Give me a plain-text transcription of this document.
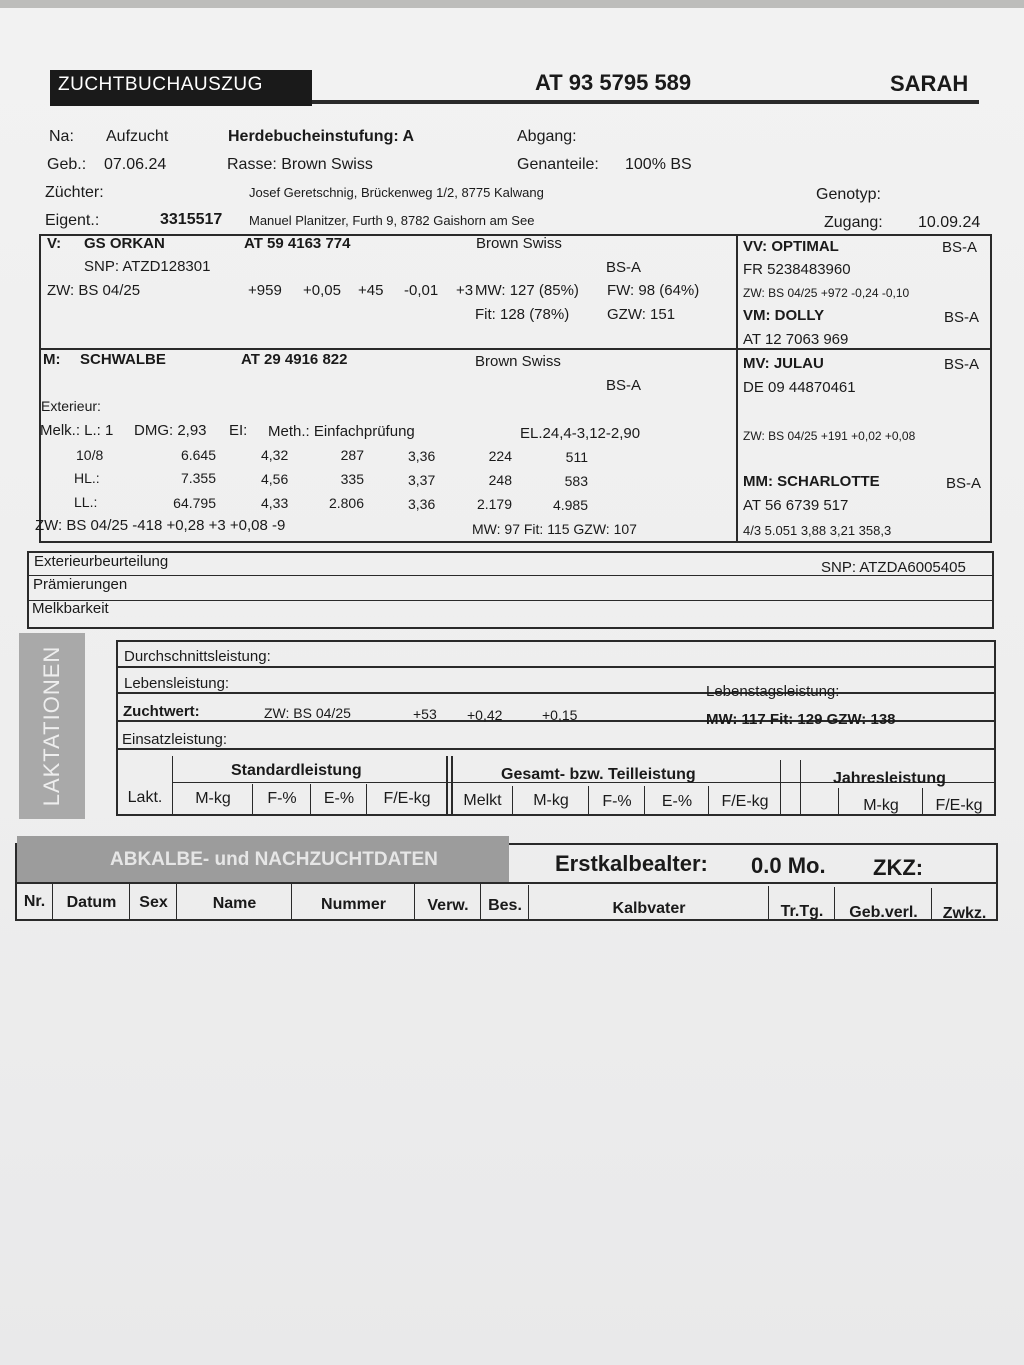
ZUCHTBUCHAUSZUG	AT 93 5795 589	SARAH
Na: Aufzucht	Herdebucheinstufung: A	Abgang:
Geb.: 07.06.24	Rasse: Brown Swiss	Genanteile: 100% BS
Züchter:	Josef Geretschnig, Brückenweg 1/2, 8775 Kalwang	Genotyp:
Eigent.:	3315517 Manuel Planitzer, Furth 9, 8782 Gaishorn am See	Zugang: 10.09.24
V: GS ORKAN	AT 59 4163 774	Brown Swiss
SNP: ATZD128301	BS-A
ZW: BS 04/25	+959 +0,05 +45 -0,01 +3 MW: 127 (85%) FW: 98 (64%)
Fit: 128 (78%)	GZW: 151
VV: OPTIMAL	BS-A
FR 5238483960
ZW: BS 04/25 +972 -0,24 -0,10
VM: DOLLY	BS-A
AT 12 7063 969
M: SCHWALBE	AT 29 4916 822	Brown Swiss
BS-A
Exterieur:
Melk.: L.: 1 DMG: 2,93 EI: Meth.: Einfachprüfung	EL.24,4-3,12-2,90
10/8	6.645	4,32	287	3,36	224	511
HL.:	7.355	4,56	335	3,37	248	583
LL.:	64.795	4,33	2.806	3,36	2.179	4.985
ZW: BS 04/25 -418 +0,28 +3 +0,08 -9	MW: 97 Fit: 115 GZW: 107
MV: JULAU	BS-A
DE 09 44870461
ZW: BS 04/25 +191 +0,02 +0,08
MM: SCHARLOTTE	BS-A
AT 56 6739 517
4/3 5.051 3,88 3,21 358,3
Exterieurbeurteilung	SNP: ATZDA6005405
Prämierungen
Melkbarkeit
LAKTATIONEN	Durchschnittsleistung:
Lebensleistung:	Lebenstagsleistung:
Zuchtwert:	ZW: BS 04/25	+53 +0,42	+0,15	MW: 117 Fit: 129 GZW: 138
Einsatzleistung:
Standardleistung	Gesamt- bzw. Teilleistung	Jahresleistung
Lakt.	M-kg	F-%	E-%	F/E-kg	Melkt	M-kg	F-%	E-%	F/E-kg	M-kg	F/E-kg
ABKALBE- und NACHZUCHTDATEN	Erstkalbealter: 0.0 Mo. ZKZ:
Nr.	Datum	Sex	Name	Nummer	Verw.	Bes.	Kalbvater	Tr.Tg.	Geb.verl.	Zwkz.
